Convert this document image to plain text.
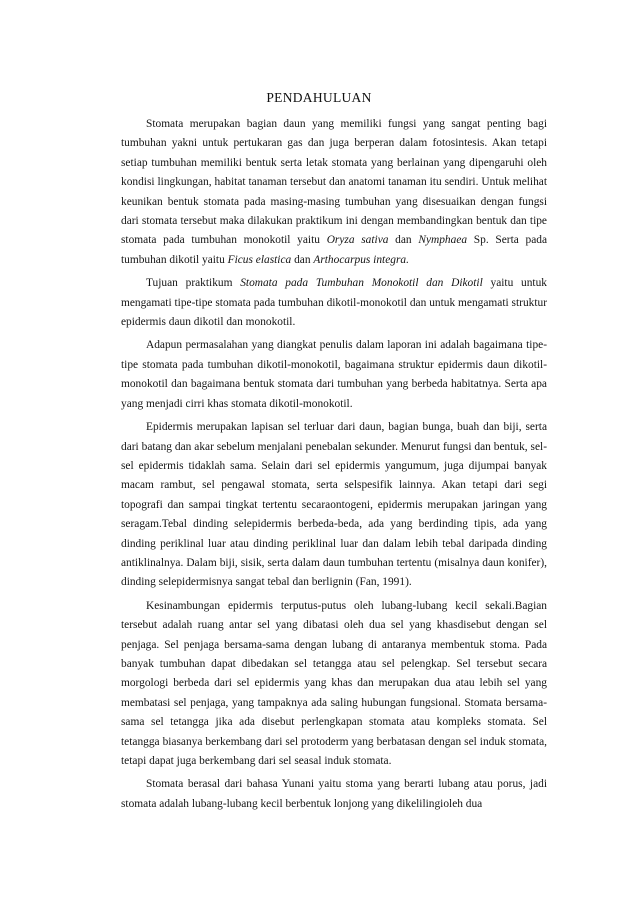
PENDAHULUAN

Stomata merupakan bagian daun yang memiliki fungsi yang sangat penting bagi tumbuhan yakni untuk pertukaran gas dan juga berperan dalam fotosintesis. Akan tetapi setiap tumbuhan memiliki bentuk serta letak stomata yang berlainan yang dipengaruhi oleh kondisi lingkungan, habitat tanaman tersebut dan anatomi tanaman itu sendiri. Untuk melihat keunikan bentuk stomata pada masing-masing tumbuhan yang disesuaikan dengan fungsi dari stomata tersebut maka dilakukan praktikum ini dengan membandingkan bentuk dan tipe stomata pada tumbuhan monokotil yaitu Oryza sativa dan Nymphaea Sp. Serta pada tumbuhan dikotil yaitu Ficus elastica dan Arthocarpus integra.

Tujuan praktikum Stomata pada Tumbuhan Monokotil dan Dikotil yaitu untuk mengamati tipe-tipe stomata pada tumbuhan dikotil-monokotil dan untuk mengamati struktur epidermis daun dikotil dan monokotil.

Adapun permasalahan yang diangkat penulis dalam laporan ini adalah bagaimana tipe-tipe stomata pada tumbuhan dikotil-monokotil, bagaimana struktur epidermis daun dikotil-monokotil dan bagaimana bentuk stomata dari tumbuhan yang berbeda habitatnya. Serta apa yang menjadi cirri khas stomata dikotil-monokotil.

Epidermis merupakan lapisan sel terluar dari daun, bagian bunga, buah dan biji, serta dari batang dan akar sebelum menjalani penebalan sekunder. Menurut fungsi dan bentuk, sel-sel epidermis tidaklah sama. Selain dari sel epidermis yangumum, juga dijumpai banyak macam rambut, sel pengawal stomata, serta selspesifik lainnya. Akan tetapi dari segi topografi dan sampai tingkat tertentu secaraontogeni, epidermis merupakan jaringan yang seragam.Tebal dinding selepidermis berbeda-beda, ada yang berdinding tipis, ada yang dinding periklinal luar atau dinding periklinal luar dan dalam lebih tebal daripada dinding antiklinalnya. Dalam biji, sisik, serta dalam daun tumbuhan tertentu (misalnya daun konifer), dinding selepidermisnya sangat tebal dan berlignin (Fan, 1991).

Kesinambungan epidermis terputus-putus oleh lubang-lubang kecil sekali.Bagian tersebut adalah ruang antar sel yang dibatasi oleh dua sel yang khasdisebut dengan sel penjaga. Sel penjaga bersama-sama dengan lubang di antaranya membentuk stoma. Pada banyak tumbuhan dapat dibedakan sel tetangga atau sel pelengkap. Sel tersebut secara morgologi berbeda dari sel epidermis yang khas dan merupakan dua atau lebih sel yang membatasi sel penjaga, yang tampaknya ada saling hubungan fungsional. Stomata bersama-sama sel tetangga jika ada disebut perlengkapan stomata atau kompleks stomata. Sel tetangga biasanya berkembang dari sel protoderm yang berbatasan dengan sel induk stomata, tetapi dapat juga berkembang dari sel seasal induk stomata.

Stomata berasal dari bahasa Yunani yaitu stoma yang berarti lubang atau porus, jadi stomata adalah lubang-lubang kecil berbentuk lonjong yang dikelilingioleh dua
